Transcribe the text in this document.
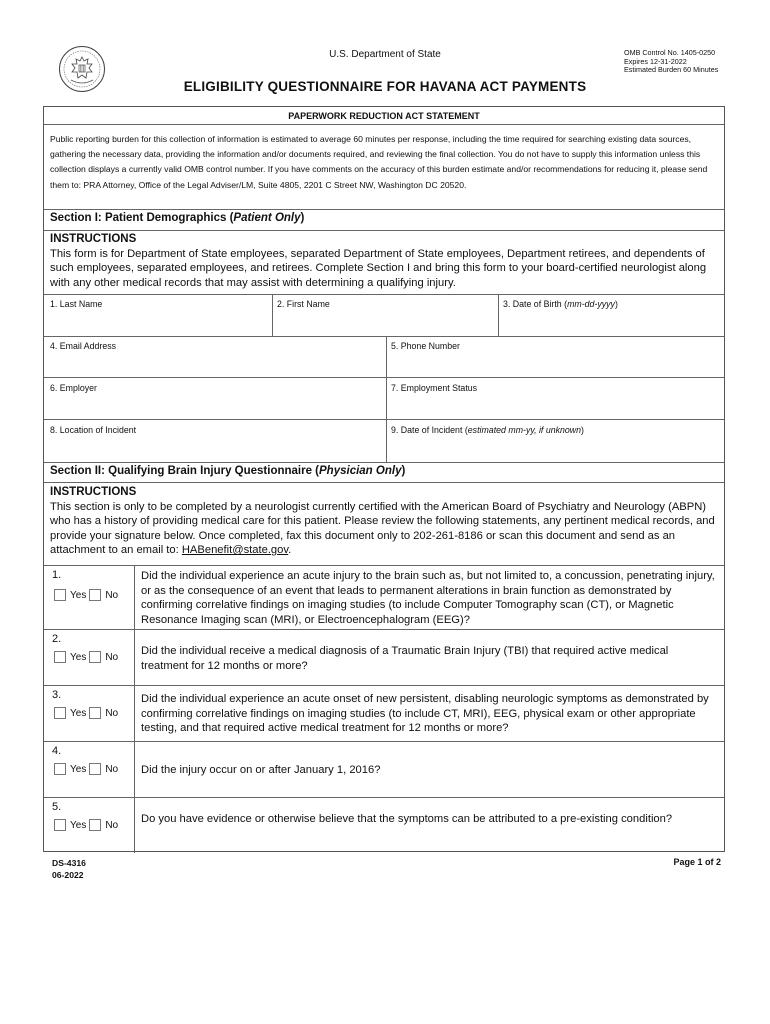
U.S. Department of State	OMB Control No. 1405-0250
Expires 12-31-2022
Estimated Burden 60 Minutes
ELIGIBILITY QUESTIONNAIRE FOR HAVANA ACT PAYMENTS
PAPERWORK REDUCTION ACT STATEMENT
Public reporting burden for this collection of information is estimated to average 60 minutes per response, including the time required for searching existing data sources, gathering the necessary data, providing the information and/or documents required, and reviewing the final collection. You do not have to supply this information unless this collection displays a currently valid OMB control number. If you have comments on the accuracy of this burden estimate and/or recommendations for reducing it, please send them to: PRA Attorney, Office of the Legal Adviser/LM, Suite 4805, 2201 C Street NW, Washington DC 20520.
Section I: Patient Demographics (Patient Only)
INSTRUCTIONS
This form is for Department of State employees, separated Department of State employees, Department retirees, and dependents of such employees, separated employees, and retirees. Complete Section I and bring this form to your board-certified neurologist along with any other medical records that may assist with determining a qualifying injury.
1. Last Name	2. First Name	3. Date of Birth (mm-dd-yyyy)
4. Email Address	5. Phone Number
6. Employer	7. Employment Status
8. Location of Incident	9. Date of Incident (estimated mm-yy, if unknown)
Section II: Qualifying Brain Injury Questionnaire (Physician Only)
INSTRUCTIONS
This section is only to be completed by a neurologist currently certified with the American Board of Psychiatry and Neurology (ABPN) who has a history of providing medical care for this patient. Please review the following statements, any pertinent medical records, and provide your signature below. Once completed, fax this document only to 202-261-8186 or scan this document and send as an attachment to an email to: HABenefit@state.gov.
1.
Yes No
Did the individual experience an acute injury to the brain such as, but not limited to, a concussion, penetrating injury, or as the consequence of an event that leads to permanent alterations in brain function as demonstrated by confirming correlative findings on imaging studies (to include Computer Tomography scan (CT), or Magnetic Resonance Imaging scan (MRI), or Electroencephalogram (EEG)?
2.
Yes No Did the individual receive a medical diagnosis of a Traumatic Brain Injury (TBI) that required active medical treatment for 12 months or more?
3.
Yes No
Did the individual experience an acute onset of new persistent, disabling neurologic symptoms as demonstrated by confirming correlative findings on imaging studies (to include CT, MRI), EEG, physical exam or other appropriate testing, and that required active medical treatment for 12 months or more?
4.
Yes No Did the injury occur on or after January 1, 2016?
5.
Yes No Do you have evidence or otherwise believe that the symptoms can be attributed to a pre-existing condition?
DS-4316
06-2022
Page 1 of 2
